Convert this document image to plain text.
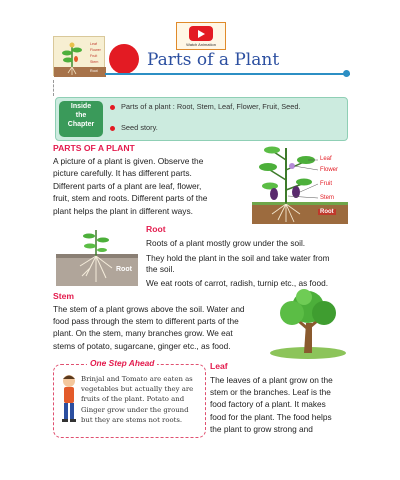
Watch Animation
Leaf
Flower
Fruit
Stem
Root
Parts of a Plant
Inside
the
Chapter
Parts of a plant : Root, Stem, Leaf, Flower, Fruit, Seed.
Seed story.
PARTS OF A PLANT
A picture of a plant is given. Observe the
picture carefully. It has different parts.
Different parts of a plant are leaf, flower,
fruit, stem and roots. Different parts of the
plant helps the plant in different ways.
Leaf
Flower
Fruit
Stem
Root
Root
Root
Roots of a plant mostly grow under the soil.
They hold the plant in the soil and take water from
the soil.
We eat roots of carrot, radish, turnip etc., as food.
Stem
The stem of a plant grows above the soil. Water and
food pass through the stem to different parts of the
plant. On the stem, many branches grow. We eat
stems of potato, sugarcane, ginger etc., as food.
Stem
(trunk)
One Step Ahead
Brinjal and Tomato are eaten as
vegetables but actually they are
fruits of the plant. Potato and
Ginger grow under the ground
but they are stems not roots.
Leaf
The leaves of a plant grow on the
stem or the branches. Leaf is the
food factory of a plant. It makes
food for the plant. The food helps
the plant to grow strong and
